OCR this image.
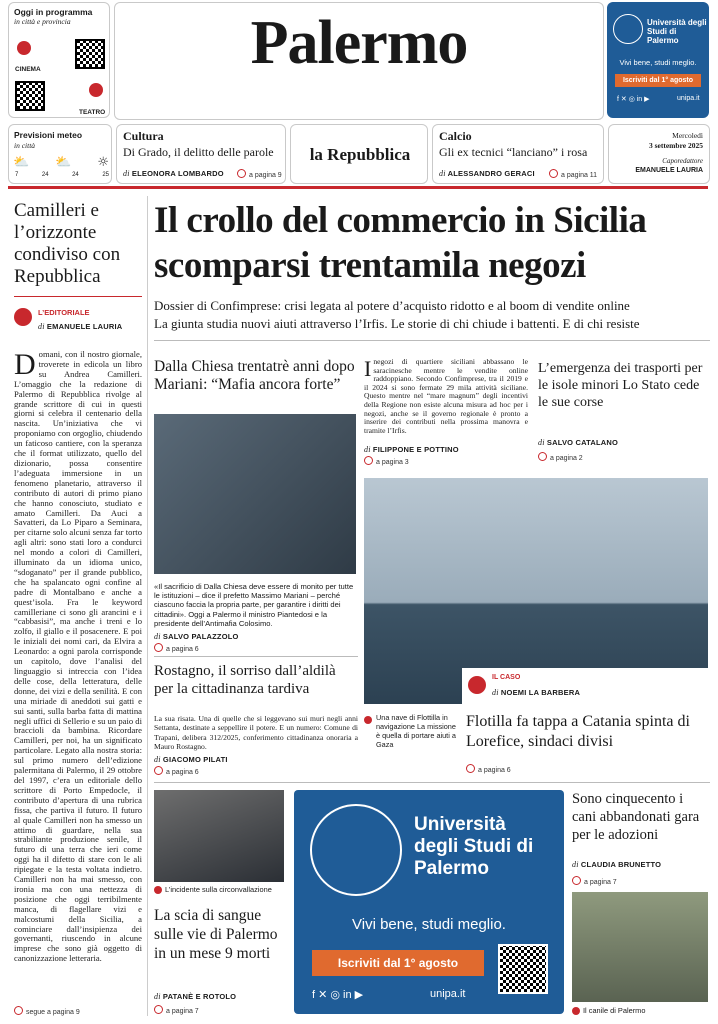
Oggi in programma
in città e provincia
CINEMA
TEATRO
Palermo	Università degli Studi di Palermo
Vivi bene, studi meglio.
Iscriviti dal 1° agosto
f ✕ ◎ in ▶	unipa.it
Previsioni meteo
in città
⛅ ⛅ ☼
7	24	24	25
Cultura
Di Grado, il delitto delle parole
di ELEONORA LOMBARDO	a pagina 9
la Repubblica
Calcio
Gli ex tecnici “lanciano” i rosa
di ALESSANDRO GERACI	a pagina 11
Mercoledì
3 settembre 2025
Caporedattore
EMANUELE LAURIA
Camilleri e l’orizzonte condiviso con Repubblica
L’EDITORIALE
di EMANUELE LAURIA
D omani, con il nostro giornale, troverete in edicola un libro su Andrea Camilleri. L’omaggio che la redazione di Palermo di Repubblica rivolge al grande scrittore di cui in questi giorni si celebra il centenario della nascita. Un’iniziativa che vi proponiamo con orgoglio, chiudendo un faticoso cantiere, con la speranza che il format utilizzato, quello del dizionario, possa consentire l’adeguata immersione in un fenomeno planetario, attraverso il contributo di autori di primo piano che hanno conosciuto, studiato e amato Camilleri. Da Auci a Savatteri, da Lo Piparo a Seminara, per citarne solo alcuni senza far torto agli altri: sono stati loro a condurci nel mondo a colori di Camilleri, illuminato da un idioma unico, “sdoganato” per il grande pubblico, che ha spalancato ogni confine al padre di Montalbano e anche a quest’isola. Fra le keyword camilleriane ci sono gli arancini e i “cabbasisi”, ma anche i treni e lo zolfo, il giallo e il posacenere. E poi le iniziali dei nomi cari, da Elvira a Leonardo: a ogni parola corrisponde un capitolo, dove l’analisi del linguaggio si intreccia con l’idea delle cose, della letteratura, delle donne, dei vizi e della senilità. E con una miriade di aneddoti sui gatti e sui santi, sulla barba fatta di mattina negli uffici di Sellerio e su un paio di braccioli da bambina. Ricordare Camilleri, per noi, ha un significato particolare. Legato alla nostra storia: sul primo numero dell’edizione palermitana di Palermo, il 29 ottobre del 1997, c’era un editoriale dello scrittore di Porto Empedocle, il contributo d’apertura di una rubrica fissa, che partiva il futuro. Il futuro al quale Camilleri non ha smesso un attimo di guardare, nella sua strabiliante produzione senile, il futuro di una terra che ieri come oggi ha il difetto di stare con le ali ripiegate e la testa voltata indietro. Camilleri non ha mai smesso, con ironia ma con una nettezza di posizione che oggi terribilmente manca, di flagellare vizi e malcostumi della Sicilia, a cominciare dall’insipienza dei governanti, riuscendo in alcune imprese che sono già oggetto di canonizzazione letteraria.
segue a pagina 9
Il crollo del commercio in Sicilia scomparsi trentamila negozi
Dossier di Confimprese: crisi legata al potere d’acquisto ridotto e al boom di vendite online
La giunta studia nuovi aiuti attraverso l’Irfis. Le storie di chi chiude i battenti. E di chi resiste
Dalla Chiesa trentatrè anni dopo Mariani: “Mafia ancora forte”
«Il sacrificio di Dalla Chiesa deve essere di monito per tutte le istituzioni – dice il prefetto Massimo Mariani – perché ciascuno faccia la propria parte, per garantire i diritti dei cittadini». Oggi a Palermo il ministro Piantedosi e la presidente dell’Antimafia Colosimo.
di SALVO PALAZZOLO
a pagina 6
I negozi di quartiere siciliani abbassano le saracinesche mentre le vendite online raddoppiano. Secondo Confimprese, tra il 2019 e il 2024 si sono fermate 29 mila attività siciliane. Questo mentre nel “mare magnum” degli incentivi della Regione non esiste alcuna misura ad hoc per i negozi, anche se il governo regionale è pronto a inserire dei contributi nella prossima manovra e tramite l’Irfis.
di FILIPPONE E POTTINO
a pagina 3
L’emergenza dei trasporti per le isole minori Lo Stato cede le sue corse
di SALVO CATALANO
a pagina 2
IL CASO
di NOEMI LA BARBERA
Una nave di Flottilla in navigazione La missione è quella di portare aiuti a Gaza
Flotilla fa tappa a Catania spinta di Lorefice, sindaci divisi
a pagina 6
Rostagno, il sorriso dall’aldilà per la cittadinanza tardiva
La sua risata. Una di quelle che si leggevano sui muri negli anni Settanta, destinate a seppellire il potere. E un numero: Comune di Trapani, delibera 312/2025, conferimento cittadinanza onoraria a Mauro Rostagno.
di GIACOMO PILATI
a pagina 6
L’incidente sulla circonvallazione
La scia di sangue sulle vie di Palermo in un mese 9 morti
di PATANÈ E ROTOLO
a pagina 7
Università degli Studi di Palermo
Vivi bene, studi meglio.
Iscriviti dal 1° agosto
f ✕ ◎ in ▶	unipa.it
Sono cinquecento i cani abbandonati gara per le adozioni
di CLAUDIA BRUNETTO
a pagina 7
Il canile di Palermo
